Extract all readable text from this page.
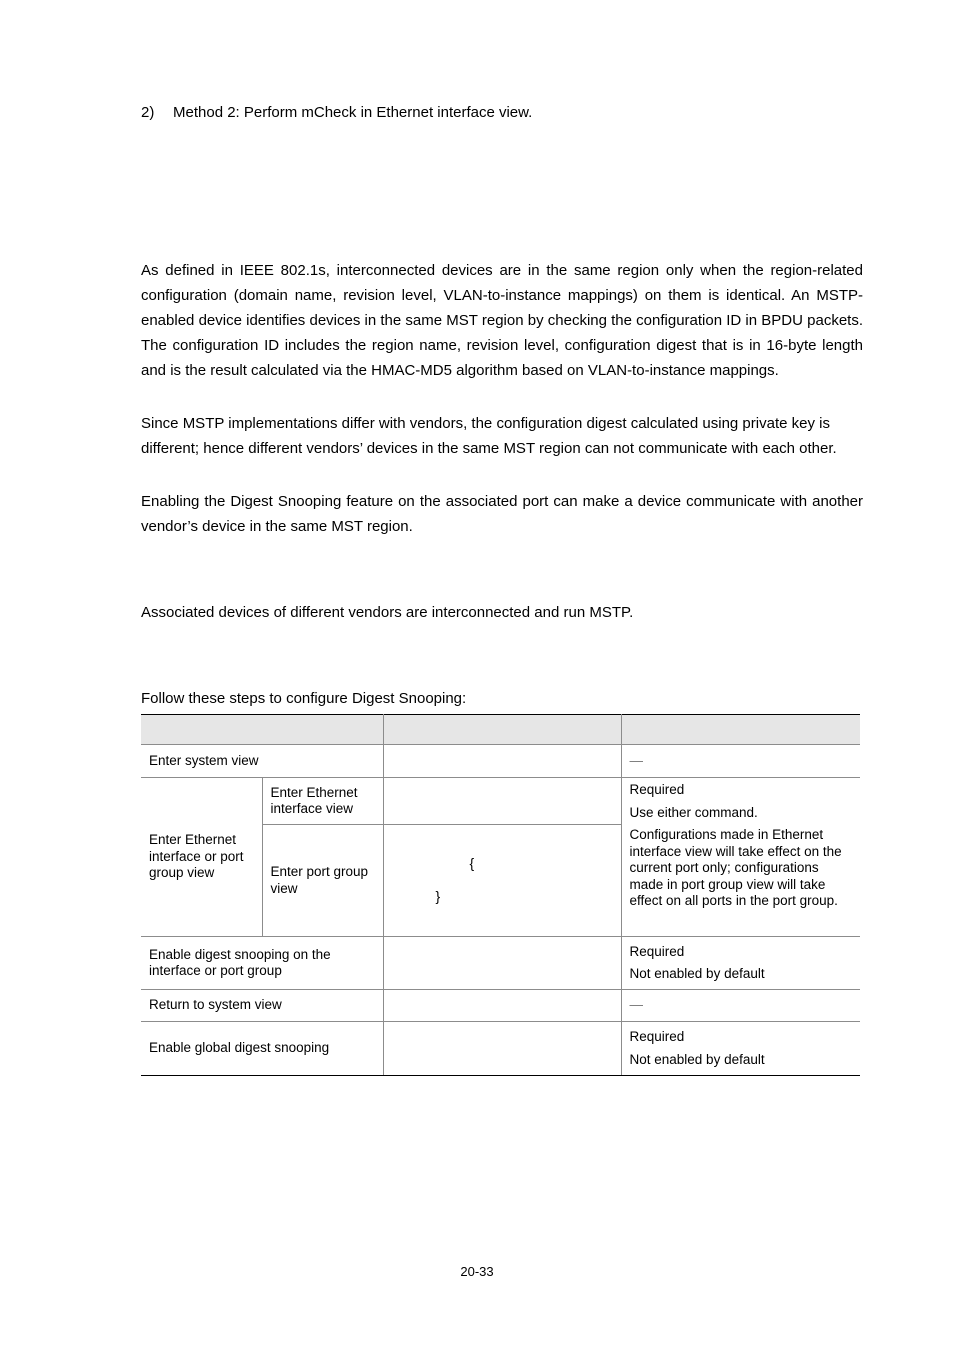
2) Method 2: Perform mCheck in Ethernet interface view.

As defined in IEEE 802.1s, interconnected devices are in the same region only when the region-related configuration (domain name, revision level, VLAN-to-instance mappings) on them is identical. An MSTP-enabled device identifies devices in the same MST region by checking the configuration ID in BPDU packets. The configuration ID includes the region name, revision level, configuration digest that is in 16-byte length and is the result calculated via the HMAC-MD5 algorithm based on VLAN-to-instance mappings.

Since MSTP implementations differ with vendors, the configuration digest calculated using private key is different; hence different vendors’ devices in the same MST region can not communicate with each other.

Enabling the Digest Snooping feature on the associated port can make a device communicate with another vendor’s device in the same MST region.

Associated devices of different vendors are interconnected and run MSTP.

Follow these steps to configure Digest Snooping:

Enter system view			—
Enter Ethernet interface or port group view	Enter Ethernet interface view		Required

Use either command.

Configurations made in Ethernet interface view will take effect on the current port only; configurations made in port group view will take effect on all ports in the port group.

	Enter port group view	{
}	

Enable digest snooping on the interface or port group			Required

Not enabled by default

Return to system view			—
Enable global digest snooping			Required

Not enabled by default

20-33
